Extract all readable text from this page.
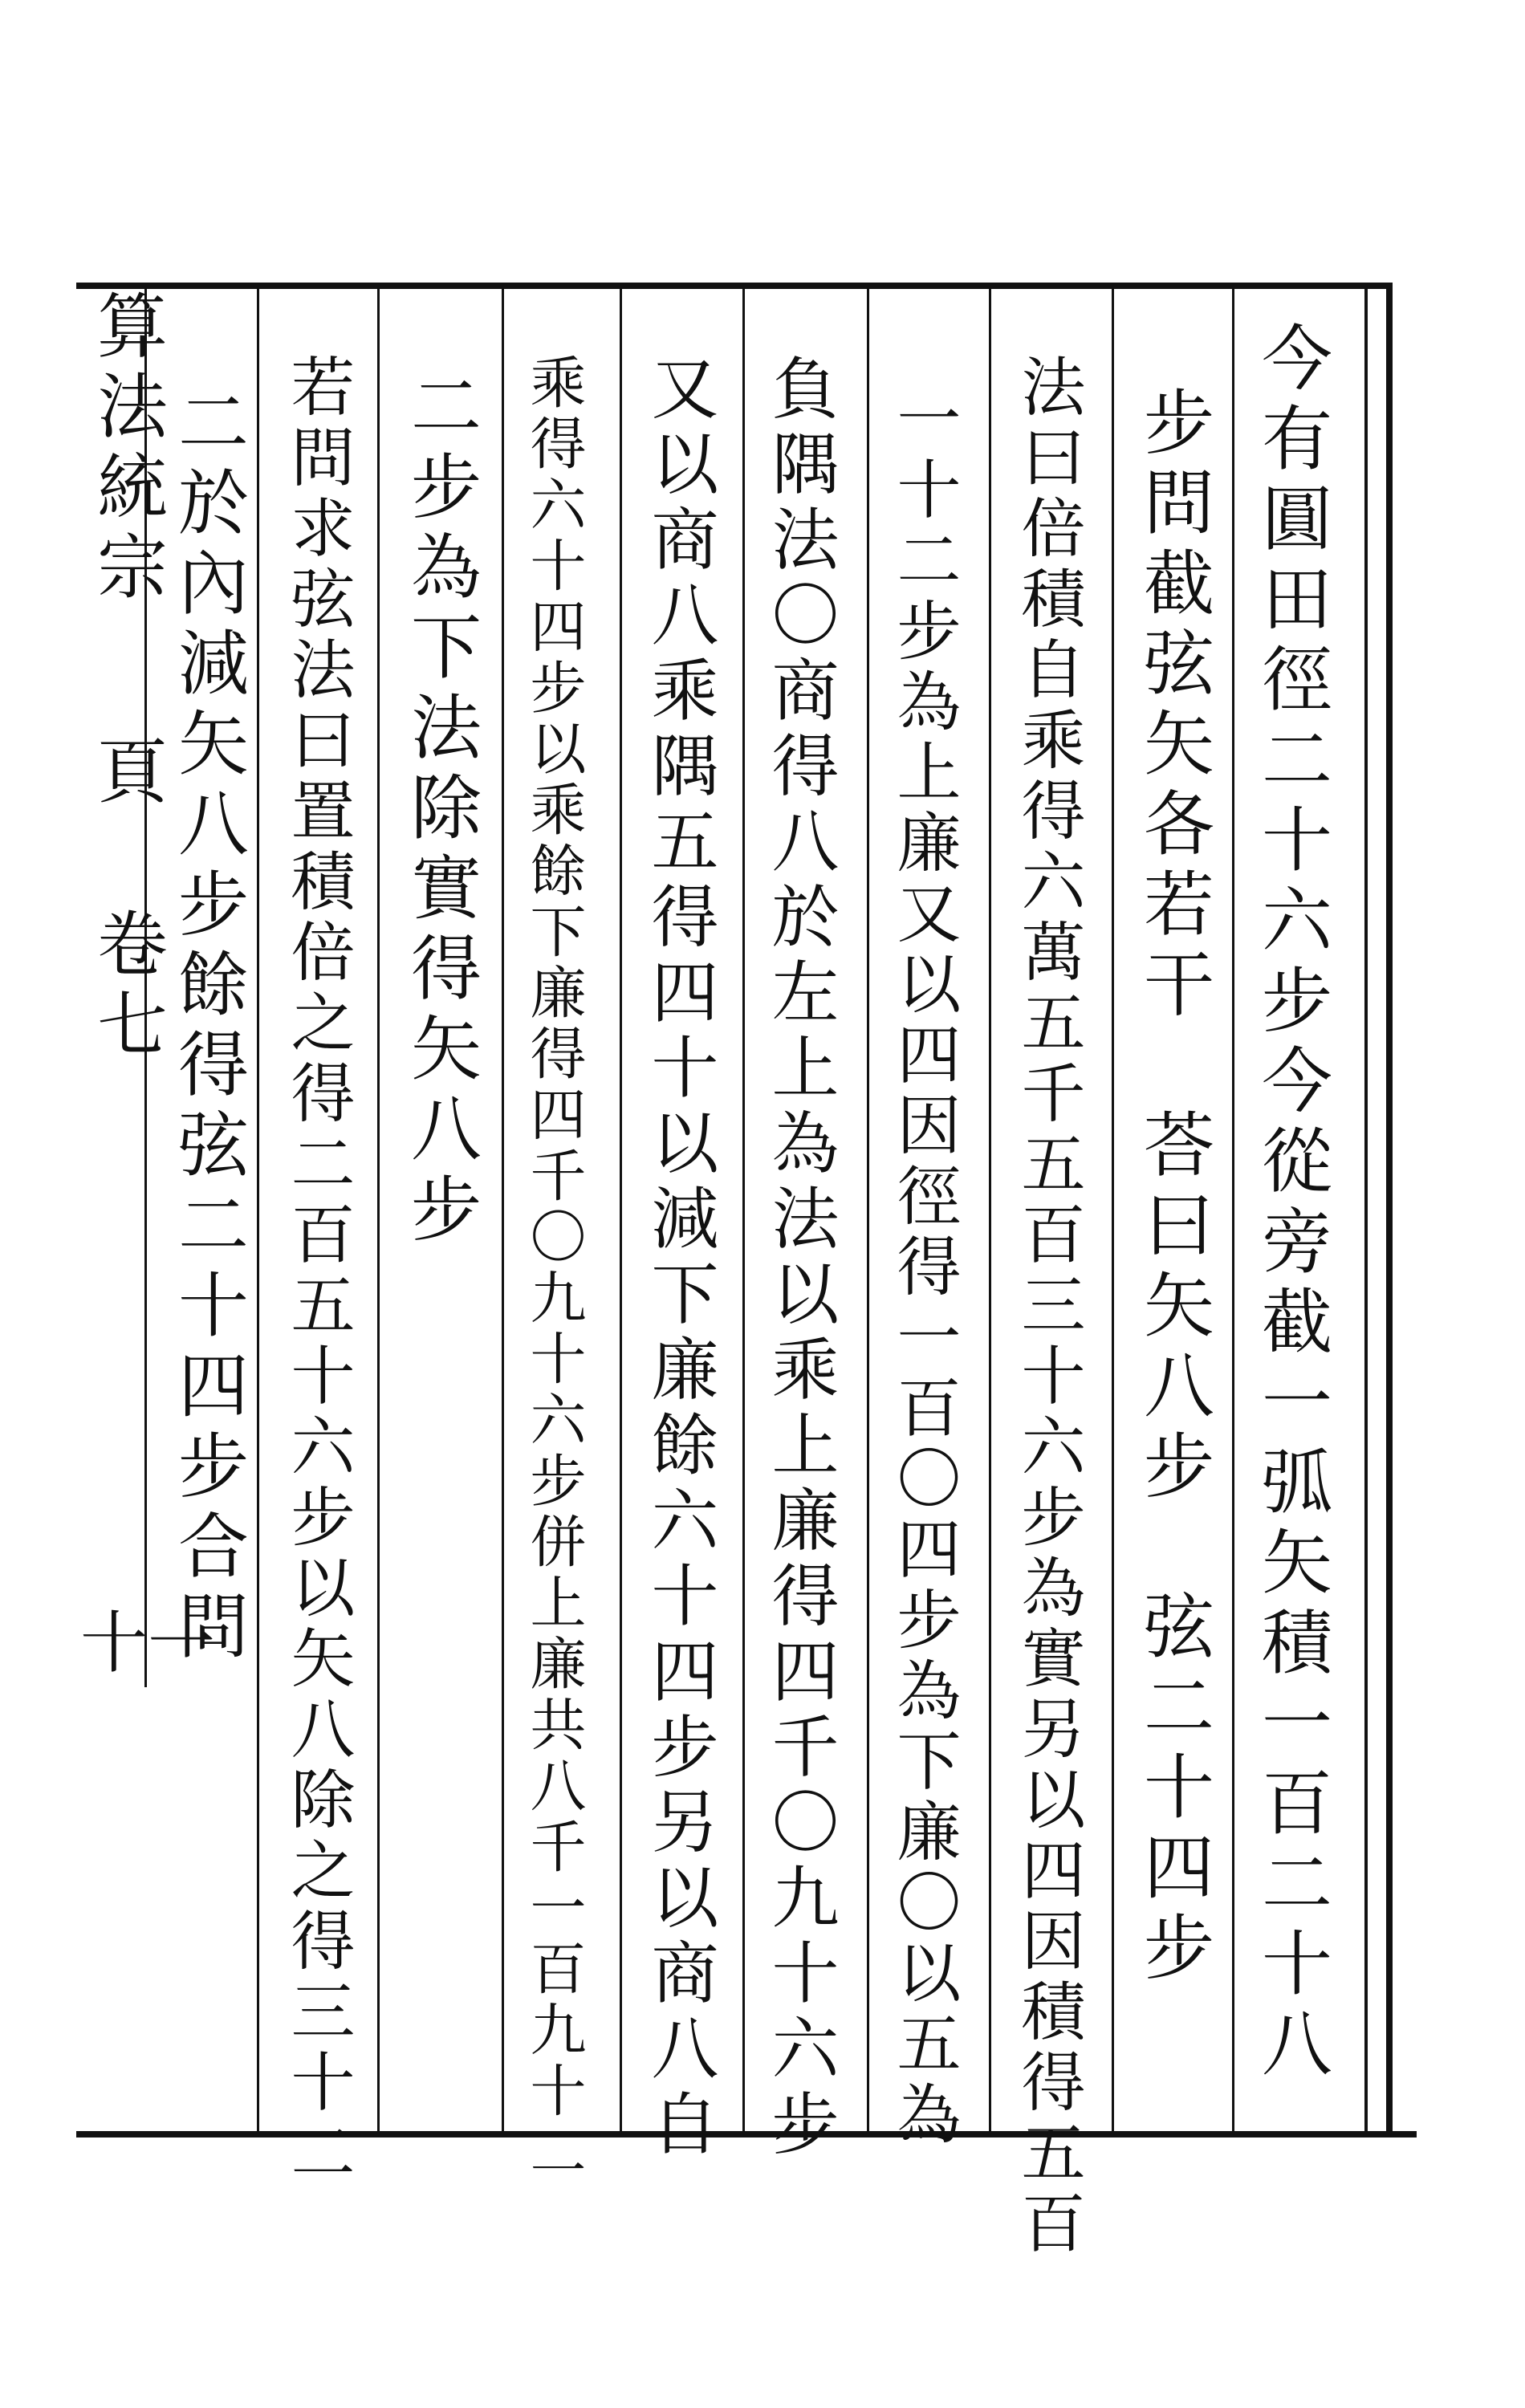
算法統宗 頁 卷七
十一	今有圓田徑二十六步今從旁截一弧矢積一百二十八
步問截弦矢各若干　荅曰矢八步　弦二十四步
法曰倍積自乘得六萬五千五百三十六步為實另以四因積得五百
一十二步為上廉又以四因徑得一百〇四步為下廉〇以五為
負隅法〇商得八於左上為法以乘上廉得四千〇九十六步
又以商八乘隅五得四十以減下廉餘六十四步另以商八自
乘得六十四步以乘餘下廉得四千〇九十六步併上廉共八千一百九十二
二步為下法除實得矢八步
若問求弦法曰置積倍之得二百五十六步以矢八除之得三十二
二於內減矢八步餘得弦二十四步合問
